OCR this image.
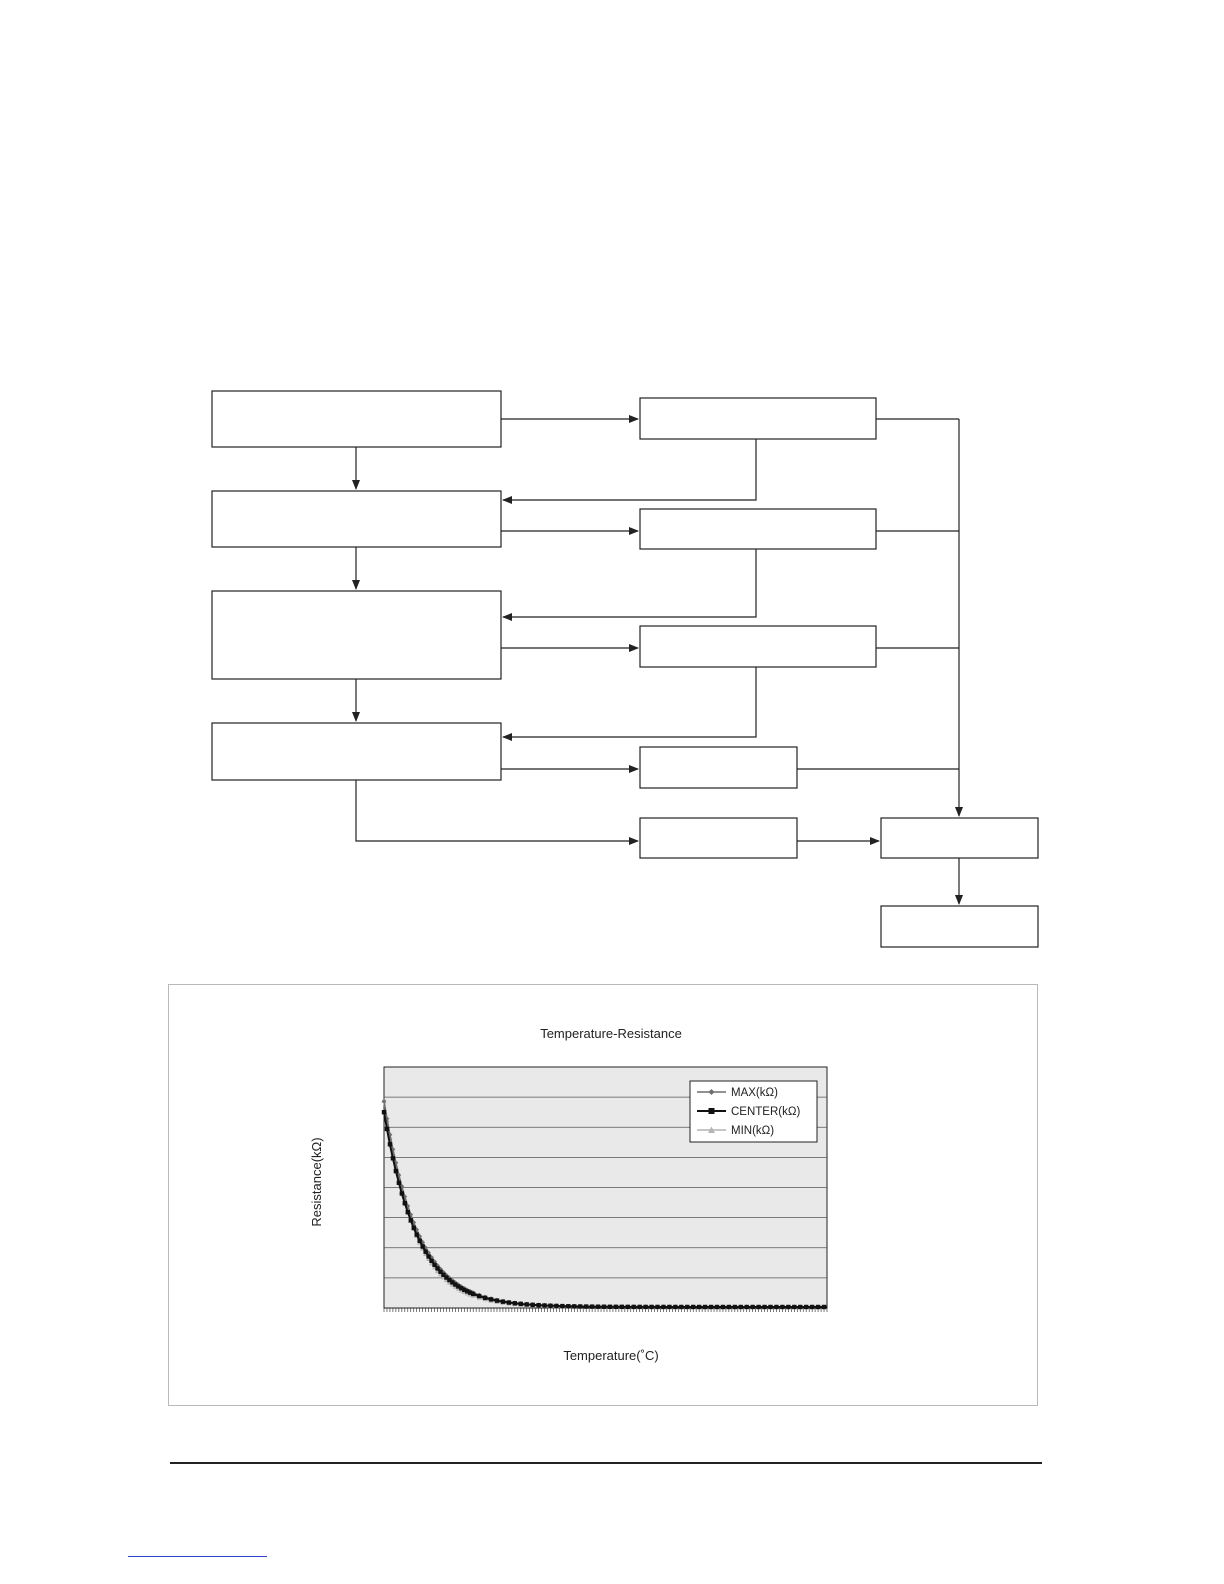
Temperature-Resistance
Resistance(kΩ)
Temperature(˚C)
MAX(kΩ)
CENTER(kΩ)
MIN(kΩ)
